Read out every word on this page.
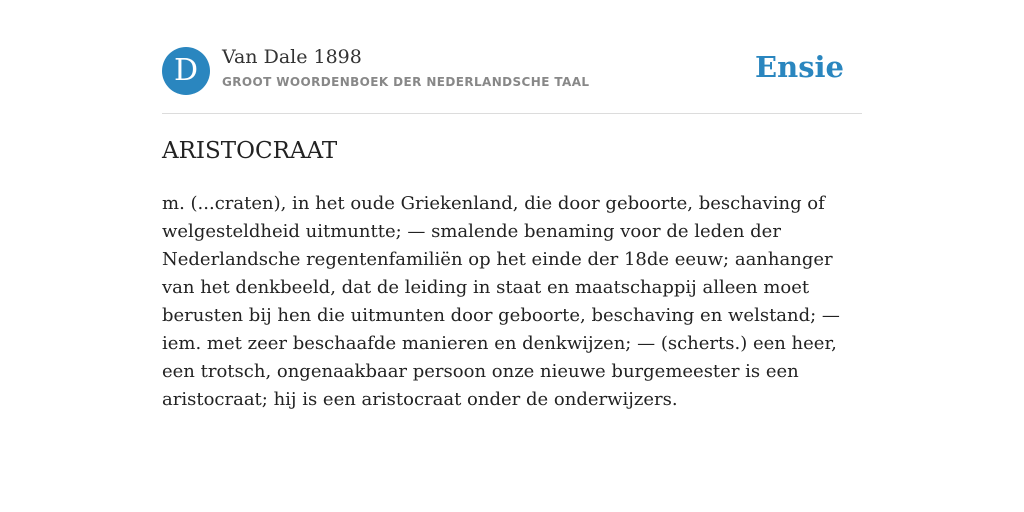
D	Van Dale 1898
GROOT WOORDENBOEK DER NEDERLANDSCHE TAAL	Ensie
ARISTOCRAAT

m. (...craten), in het oude Griekenland, die door geboorte, beschaving of welgesteldheid uitmuntte; — smalende benaming voor de leden der Nederlandsche regentenfamiliën op het einde der 18de eeuw; aanhanger van het denkbeeld, dat de leiding in staat en maatschappij alleen moet berusten bij hen die uitmunten door geboorte, beschaving en welstand; — iem. met zeer beschaafde manieren en denkwijzen; — (scherts.) een heer, een trotsch, ongenaakbaar persoon onze nieuwe burgemeester is een aristocraat; hij is een aristocraat onder de onderwijzers.
